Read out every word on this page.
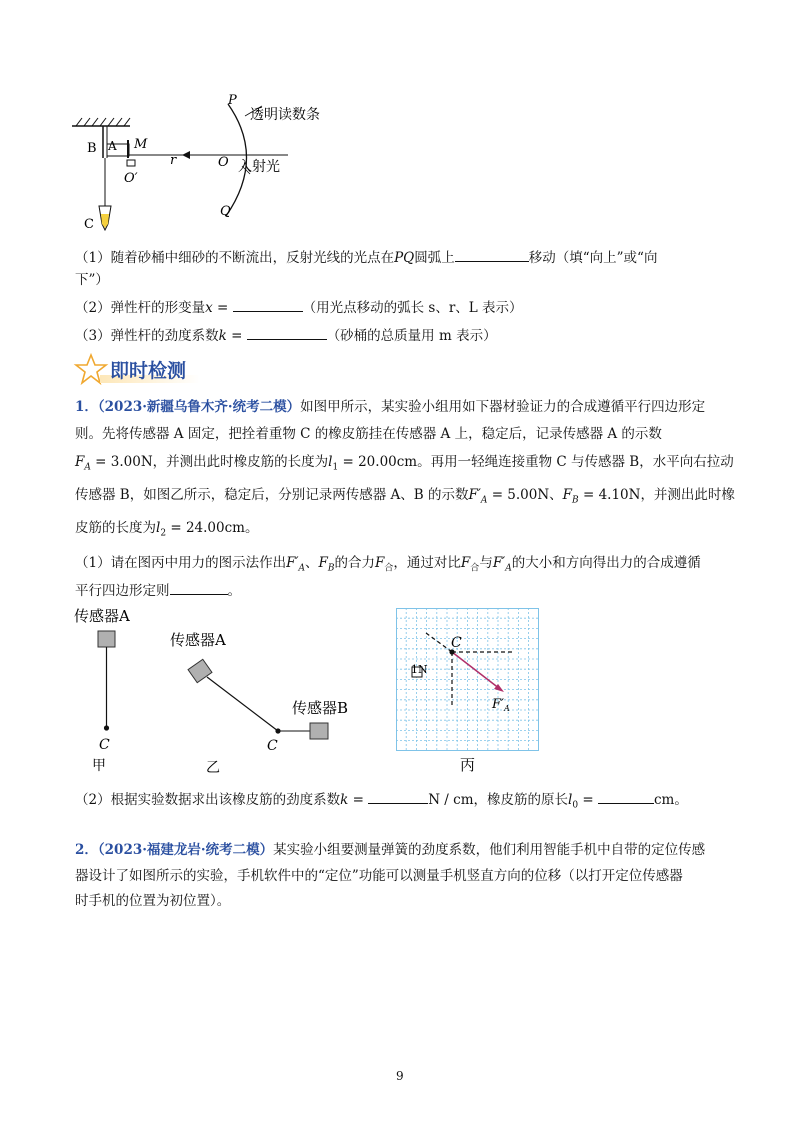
A
B	M
r	O
O′
C
P
Q
透明读数条
入射光
（1）随着砂桶中细砂的不断流出，反射光线的光点在PQ圆弧上	移动（填“向上”或“向
下”）
（2）弹性杆的形变量x =	（用光点移动的弧长 s、r、L 表示）
（3）弹性杆的劲度系数k =	（砂桶的总质量用 m 表示）
即时检测
1．（2023·新疆乌鲁木齐·统考二模）如图甲所示，某实验小组用如下器材验证力的合成遵循平行四边形定
则。先将传感器 A 固定，把拴着重物 C 的橡皮筋挂在传感器 A 上，稳定后，记录传感器 A 的示数
$F_A = 3.00N$，并测出此时橡皮筋的长度为$l_1 = 20.00cm$。再用一轻绳连接重物 C 与传感器 B，水平向右拉动
传感器 B，如图乙所示，稳定后，分别记录两传感器 A、B 的示数$F'_A = 5.00N$、$F_B = 4.10N$，并测出此时橡
皮筋的长度为$l_2 = 24.00cm$。
（1）请在图丙中用力的图示法作出$F'_A$、$F_B$的合力$F_合$，通过对比$F_合$与$F'_A$的大小和方向得出力的合成遵循
平行四边形定则	。
传感器A
C
甲
传感器A
传感器B
C
乙
1N
C
$F'_A$
丙
（2）根据实验数据求出该橡皮筋的劲度系数k =	N / cm，橡皮筋的原长$l_0$ =	cm。
2．（2023·福建龙岩·统考二模）某实验小组要测量弹簧的劲度系数，他们利用智能手机中自带的定位传感
器设计了如图所示的实验，手机软件中的“定位”功能可以测量手机竖直方向的位移（以打开定位传感器
时手机的位置为初位置）。
9
